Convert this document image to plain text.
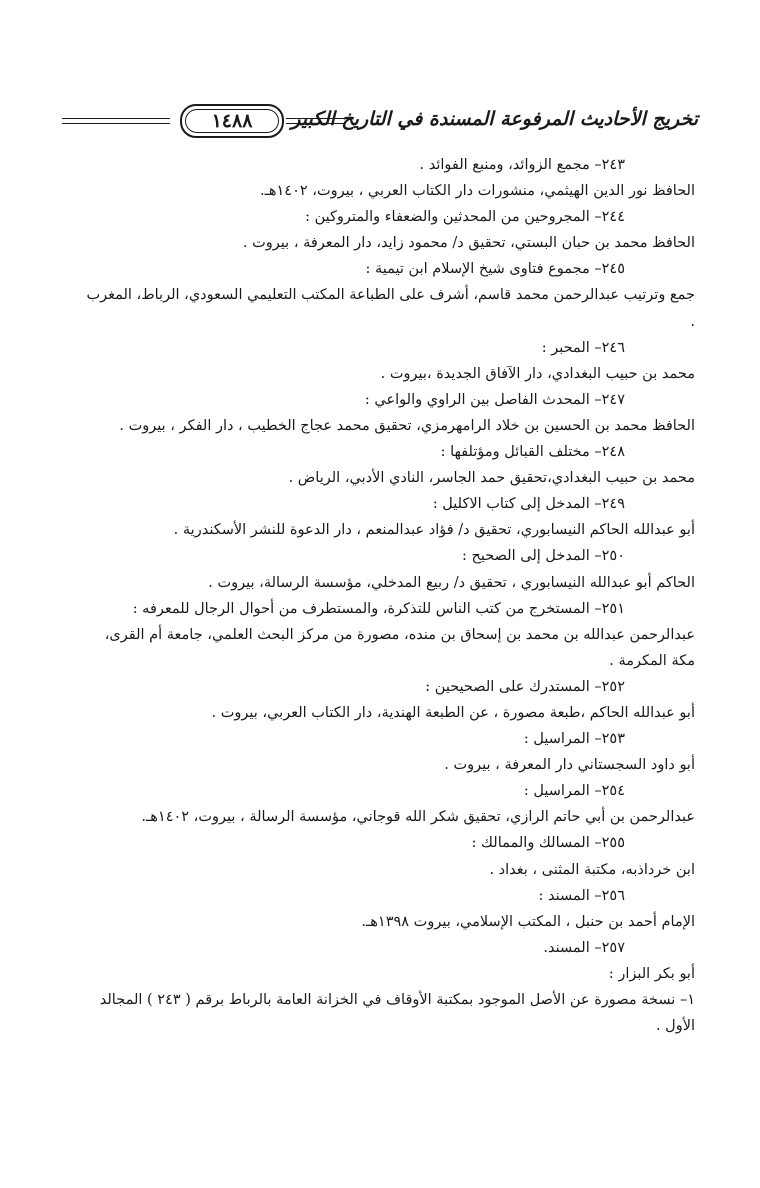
١٤٨٨ تخريج الأحاديث المرفوعة المسندة في التاريخ الكبير
٢٤٣– مجمع الزوائد، ومنبع الفوائد .
الحافظ نور الدين الهيثمي، منشورات دار الكتاب العربي ، بيروت، ١٤٠٢هـ.
٢٤٤– المجروحين من المحدثين والضعفاء والمتروكين :
الحافظ محمد بن حبان البستي، تحقيق د/ محمود زايد، دار المعرفة ، بيروت .
٢٤٥– مجموع فتاوى شيخ الإسلام ابن تيمية :
جمع وترتيب عبدالرحمن محمد قاسم، أشرف على الطباعة المكتب التعليمي السعودي، الرباط، المغرب .
٢٤٦– المحبر :
محمد بن حبيب البغدادي، دار الآفاق الجديدة ،بيروت .
٢٤٧– المحدث الفاصل بين الراوي والواعي :
الحافظ محمد بن الحسين بن خلاد الرامهرمزي، تحقيق محمد عجاج الخطيب ، دار الفكر ، بيروت .
٢٤٨– مختلف القبائل ومؤتلفها :
محمد بن حبيب البغدادي،تحقيق حمد الجاسر، النادي الأدبي، الرياض .
٢٤٩– المدخل إلى كتاب الاكليل :
أبو عبدالله الحاكم النيسابوري، تحقيق د/ فؤاد عبدالمنعم ، دار الدعوة للنشر الأسكندرية .
٢٥٠– المدخل إلى الصحيح :
الحاكم أبو عبدالله النيسابوري ، تحقيق د/ ربيع المدخلي، مؤسسة الرسالة، بيروت .
٢٥١– المستخرج من كتب الناس للتذكرة، والمستطرف من أحوال الرجال للمعرفه :
عبدالرحمن عبدالله بن محمد بن إسحاق بن منده، مصورة من مركز البحث العلمي، جامعة أم القرى، مكة المكرمة .
٢٥٢– المستدرك على الصحيحين :
أبو عبدالله الحاكم ،طبعة مصورة ، عن الطبعة الهندية، دار الكتاب العربي، بيروت .
٢٥٣– المراسيل :
أبو داود السجستاني دار المعرفة ، بيروت .
٢٥٤– المراسيل :
عبدالرحمن بن أبي حاتم الرازي، تحقيق شكر الله قوجاني، مؤسسة الرسالة ، بيروت، ١٤٠٢هـ.
٢٥٥– المسالك والممالك :
ابن خرداذبه، مكتبة المثنى ، بغداد .
٢٥٦– المسند :
الإمام أحمد بن حنبل ، المكتب الإسلامي، بيروت ١٣٩٨هـ.
٢٥٧– المسند.
أبو بكر البزار :
١– نسخة مصورة عن الأصل الموجود بمكتبة الأوقاف في الخزانة العامة بالرباط برقم ( ٢٤٣ ) المجالد الأول .
